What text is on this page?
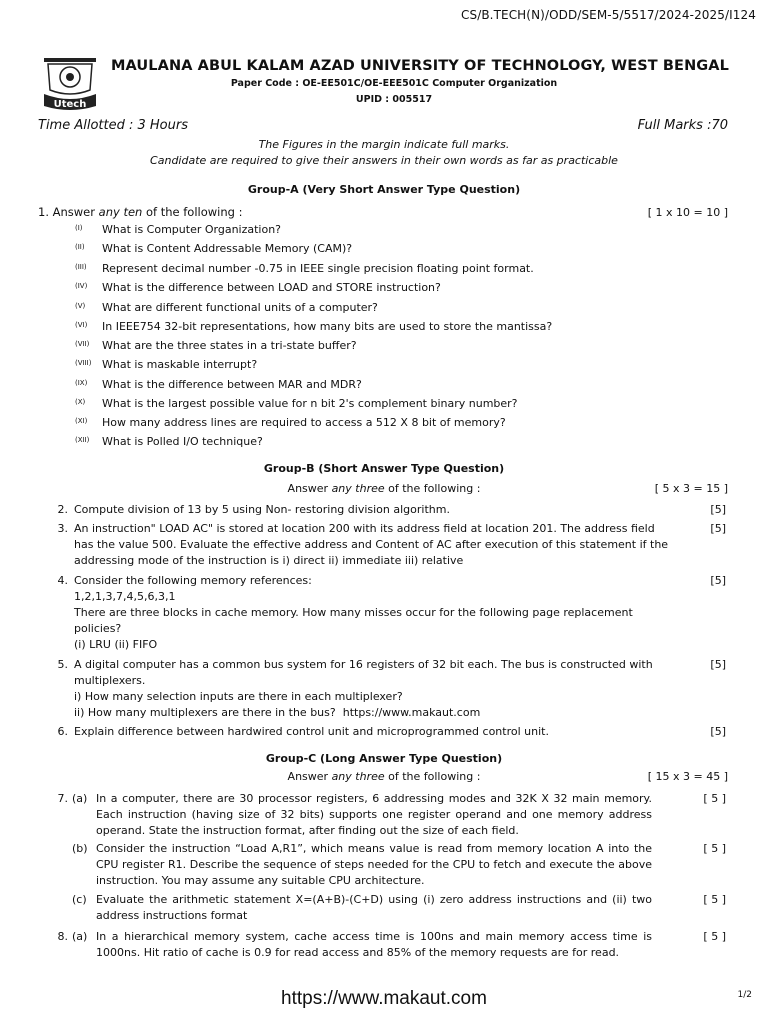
CS/B.TECH(N)/ODD/SEM-5/5517/2024-2025/I124
Utech
MAULANA ABUL KALAM AZAD UNIVERSITY OF TECHNOLOGY, WEST BENGAL
Paper Code : OE-EE501C/OE-EEE501C Computer Organization
UPID : 005517
Time Allotted : 3 Hours	Full Marks :70
The Figures in the margin indicate full marks.
Candidate are required to give their answers in their own words as far as practicable
Group-A (Very Short Answer Type Question)
1. Answer any ten of the following :	[ 1 x 10 = 10 ]
(I) What is Computer Organization?
(II) What is Content Addressable Memory (CAM)?
(III) Represent decimal number -0.75 in IEEE single precision floating point format.
(IV) What is the difference between LOAD and STORE instruction?
(V) What are different functional units of a computer?
(VI) In IEEE754 32-bit representations, how many bits are used to store the mantissa?
(VII) What are the three states in a tri-state buffer?
(VIII) What is maskable interrupt?
(IX) What is the difference between MAR and MDR?
(X) What is the largest possible value for n bit 2's complement binary number?
(XI) How many address lines are required to access a 512 X 8 bit of memory?
(XII) What is Polled I/O technique?
Group-B (Short Answer Type Question)
Answer any three of the following :	[ 5 x 3 = 15 ]
2. Compute division of 13 by 5 using Non- restoring division algorithm.	[5]
3. An instruction" LOAD AC" is stored at location 200 with its address field at location 201. The address field has the value 500. Evaluate the effective address and Content of AC after execution of this statement if the addressing mode of the instruction is i) direct ii) immediate iii) relative
[5]
4. Consider the following memory references:
1,2,1,3,7,4,5,6,3,1
There are three blocks in cache memory. How many misses occur for the following page replacement policies?
(i) LRU (ii) FIFO
[5]
5. A digital computer has a common bus system for 16 registers of 32 bit each. The bus is constructed with multiplexers.
i) How many selection inputs are there in each multiplexer?
ii) How many multiplexers are there in the bus? https://www.makaut.com
[5]
6. Explain difference between hardwired control unit and microprogrammed control unit.	[5]
Group-C (Long Answer Type Question)
Answer any three of the following :	[ 15 x 3 = 45 ]
7. (a) In a computer, there are 30 processor registers, 6 addressing modes and 32K X 32 main memory. Each instruction (having size of 32 bits) supports one register operand and one memory address operand. State the instruction format, after finding out the size of each field.
[ 5 ]
(b) Consider the instruction “Load A,R1”, which means value is read from memory location A into the CPU register R1. Describe the sequence of steps needed for the CPU to fetch and execute the above instruction. You may assume any suitable CPU architecture.
[ 5 ]
(c) Evaluate the arithmetic statement X=(A+B)-(C+D) using (i) zero address instructions and (ii) two address instructions format
[ 5 ]
8. (a) In a hierarchical memory system, cache access time is 100ns and main memory access time is 1000ns. Hit ratio of cache is 0.9 for read access and 85% of the memory requests are for read.
[ 5 ]
https://www.makaut.com	1/2
